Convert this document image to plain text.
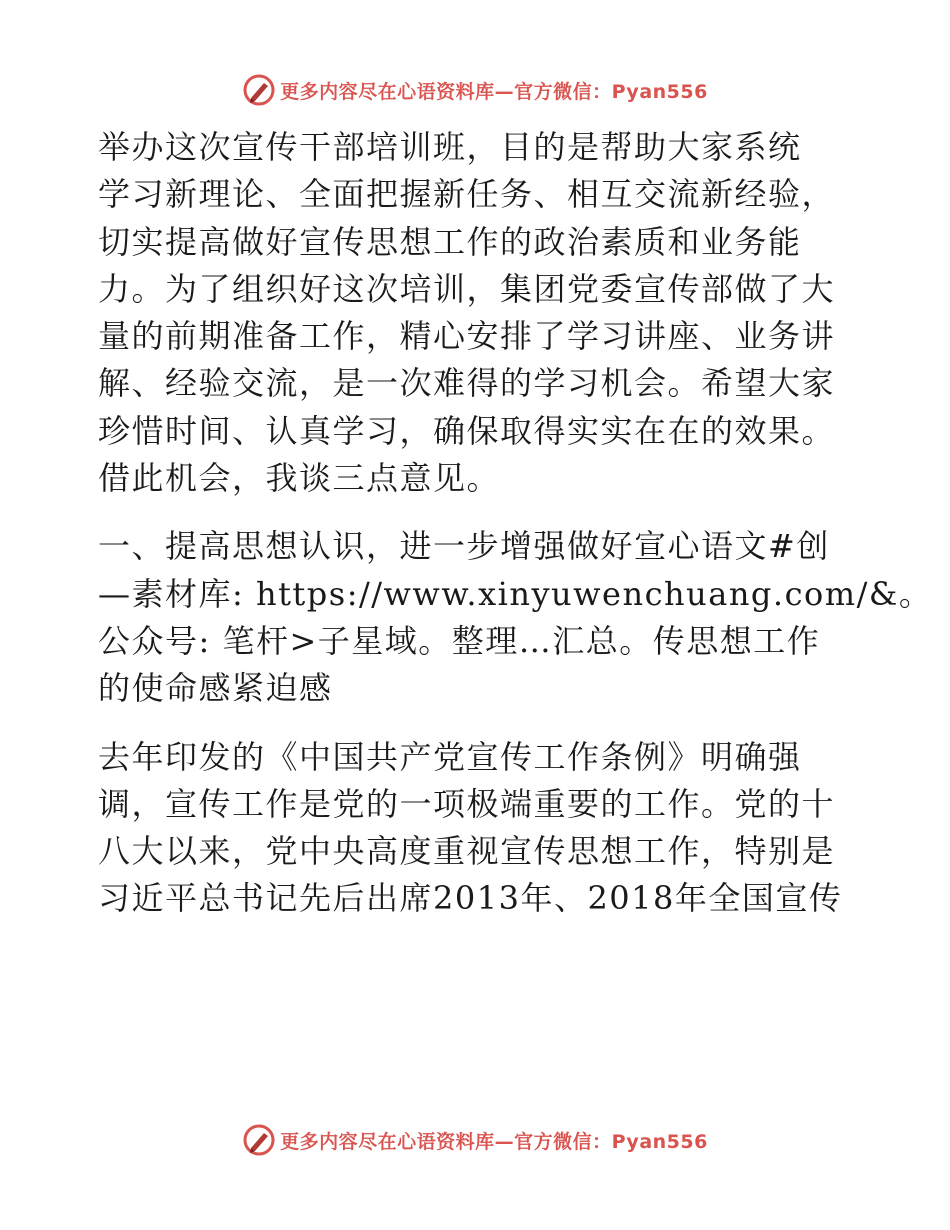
更多内容尽在心语资料库—官方微信：Pyan556

举办这次宣传干部培训班，目的是帮助大家系统
学习新理论、全面把握新任务、相互交流新经验，
切实提高做好宣传思想工作的政治素质和业务能
力。为了组织好这次培训，集团党委宣传部做了大
量的前期准备工作，精心安排了学习讲座、业务讲
解、经验交流，是一次难得的学习机会。希望大家
珍惜时间、认真学习，确保取得实实在在的效果。
借此机会，我谈三点意见。

一、提高思想认识，进一步增强做好宣心语文#创
—素材库: https://www.xinyuwenchuang.com/&。
公众号: 笔杆>子星域。整理…汇总。传思想工作
的使命感紧迫感

去年印发的《中国共产党宣传工作条例》明确强
调，宣传工作是党的一项极端重要的工作。党的十
八大以来，党中央高度重视宣传思想工作，特别是
习近平总书记先后出席2013年、2018年全国宣传

更多内容尽在心语资料库—官方微信：Pyan556
